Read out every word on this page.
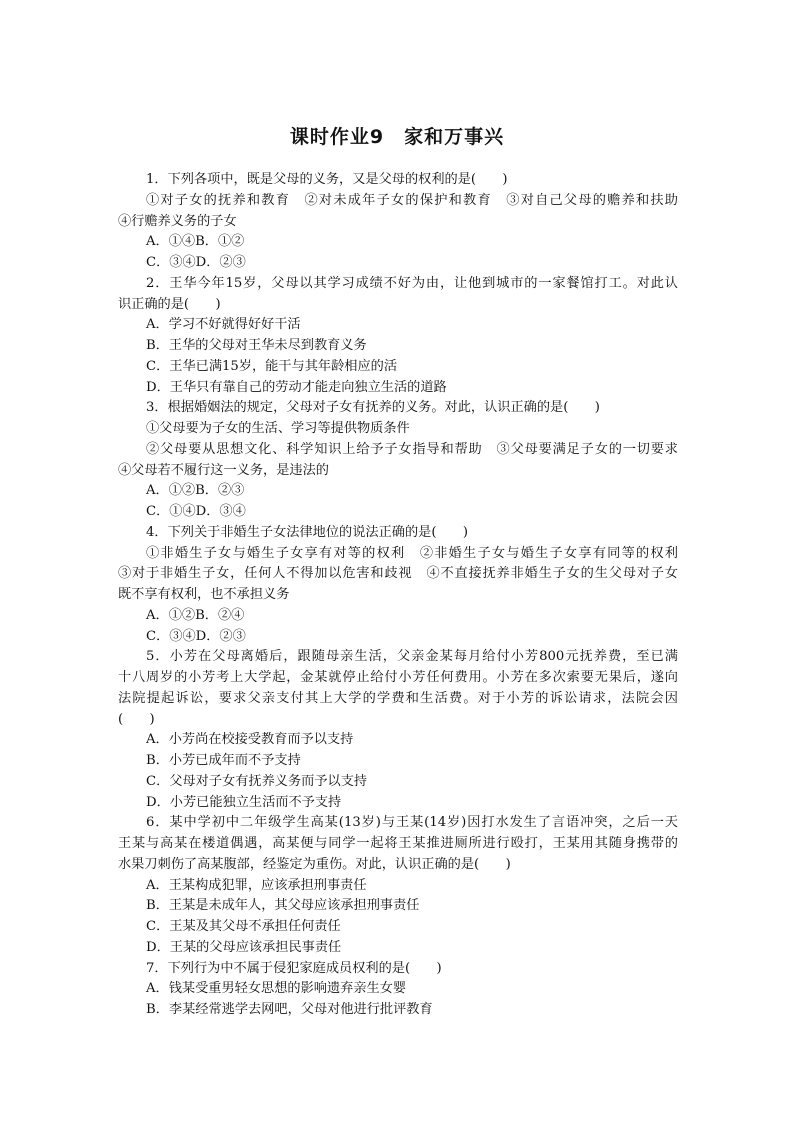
课时作业9　家和万事兴
1．下列各项中，既是父母的义务，又是父母的权利的是(　　)
①对子女的抚养和教育　②对未成年子女的保护和教育　③对自己父母的赡养和扶助
④行赡养义务的子女
A．①④B．①②
C．③④D．②③
2．王华今年15岁，父母以其学习成绩不好为由，让他到城市的一家餐馆打工。对此认
识正确的是(　　)
A．学习不好就得好好干活
B．王华的父母对王华未尽到教育义务
C．王华已满15岁，能干与其年龄相应的活
D．王华只有靠自己的劳动才能走向独立生活的道路
3．根据婚姻法的规定，父母对子女有抚养的义务。对此，认识正确的是(　　)
①父母要为子女的生活、学习等提供物质条件
②父母要从思想文化、科学知识上给予子女指导和帮助　③父母要满足子女的一切要求
④父母若不履行这一义务，是违法的
A．①②B．②③
C．①④D．③④
4．下列关于非婚生子女法律地位的说法正确的是(　　)
①非婚生子女与婚生子女享有对等的权利　②非婚生子女与婚生子女享有同等的权利
③对于非婚生子女，任何人不得加以危害和歧视　④不直接抚养非婚生子女的生父母对子女
既不享有权利，也不承担义务
A．①②B．②④
C．③④D．②③
5．小芳在父母离婚后，跟随母亲生活，父亲金某每月给付小芳800元抚养费，至已满
十八周岁的小芳考上大学起，金某就停止给付小芳任何费用。小芳在多次索要无果后，遂向
法院提起诉讼，要求父亲支付其上大学的学费和生活费。对于小芳的诉讼请求，法院会因
(　　)
A．小芳尚在校接受教育而予以支持
B．小芳已成年而不予支持
C．父母对子女有抚养义务而予以支持
D．小芳已能独立生活而不予支持
6．某中学初中二年级学生高某(13岁)与王某(14岁)因打水发生了言语冲突，之后一天
王某与高某在楼道偶遇，高某便与同学一起将王某推进厕所进行殴打，王某用其随身携带的
水果刀刺伤了高某腹部，经鉴定为重伤。对此，认识正确的是(　　)
A．王某构成犯罪，应该承担刑事责任
B．王某是未成年人，其父母应该承担刑事责任
C．王某及其父母不承担任何责任
D．王某的父母应该承担民事责任
7．下列行为中不属于侵犯家庭成员权利的是(　　)
A．钱某受重男轻女思想的影响遗弃亲生女婴
B．李某经常逃学去网吧，父母对他进行批评教育
